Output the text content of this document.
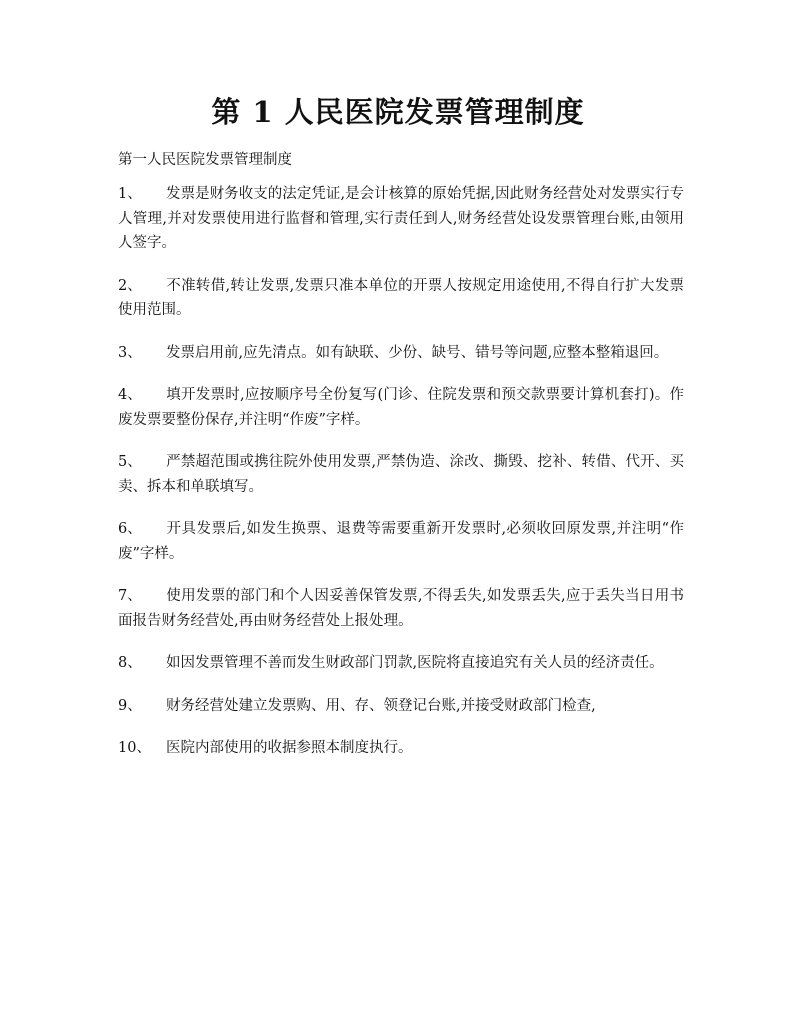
第 1 人民医院发票管理制度

第一人民医院发票管理制度

1、 发票是财务收支的法定凭证,是会计核算的原始凭据,因此财务经营处对发票实行专人管理,并对发票使用进行监督和管理,实行责任到人,财务经营处设发票管理台账,由领用人签字。
2、 不准转借,转让发票,发票只准本单位的开票人按规定用途使用,不得自行扩大发票使用范围。
3、 发票启用前,应先清点。如有缺联、少份、缺号、错号等问题,应整本整箱退回。
4、 填开发票时,应按顺序号全份复写(门诊、住院发票和预交款票要计算机套打)。作废发票要整份保存,并注明“作废”字样。
5、 严禁超范围或携往院外使用发票,严禁伪造、涂改、撕毁、挖补、转借、代开、买卖、拆本和单联填写。
6、 开具发票后,如发生换票、退费等需要重新开发票时,必须收回原发票,并注明“作废”字样。
7、 使用发票的部门和个人因妥善保管发票,不得丢失,如发票丢失,应于丢失当日用书面报告财务经营处,再由财务经营处上报处理。
8、 如因发票管理不善而发生财政部门罚款,医院将直接追究有关人员的经济责任。
9、 财务经营处建立发票购、用、存、领登记台账,并接受财政部门检查,
10、 医院内部使用的收据参照本制度执行。
